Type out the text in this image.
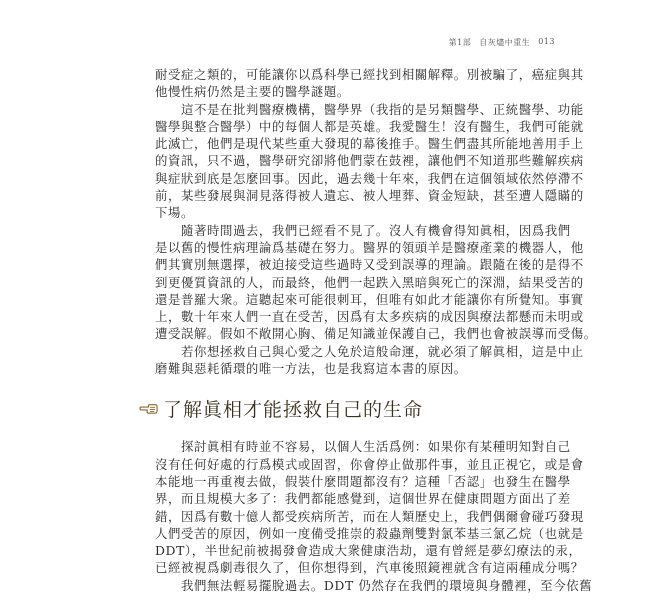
第1部 自灰燼中重生 013
耐受症之類的，可能讓你以爲科學已經找到相關解釋。別被騙了，癌症與其
他慢性病仍然是主要的醫學謎題。
　　這不是在批判醫療機構，醫學界（我指的是另類醫學、正統醫學、功能
醫學與整合醫學）中的每個人都是英雄。我愛醫生！沒有醫生，我們可能就
此滅亡，他們是現代某些重大發現的幕後推手。醫生們盡其所能地善用手上
的資訊，只不過，醫學研究卻將他們蒙在鼓裡，讓他們不知道那些難解疾病
與症狀到底是怎麼回事。因此，過去幾十年來，我們在這個領域依然停滯不
前，某些發展與洞見落得被人遺忘、被人埋葬、資金短缺，甚至遭人隱瞞的
下場。
　　隨著時間過去，我們已經看不見了。沒人有機會得知眞相，因爲我們
是以舊的慢性病理論爲基礎在努力。醫界的領頭羊是醫療產業的機器人，他
們其實別無選擇，被迫接受這些過時又受到誤導的理論。跟隨在後的是得不
到更優質資訊的人，而最終，他們一起跌入黑暗與死亡的深淵，結果受苦的
還是普羅大衆。這聽起來可能很刺耳，但唯有如此才能讓你有所覺知。事實
上，數十年來人們一直在受苦，因爲有太多疾病的成因與療法都懸而未明或
遭受誤解。假如不敞開心胸、備足知識並保護自己，我們也會被誤導而受傷。
　　若你想拯救自己與心愛之人免於這般命運，就必須了解眞相，這是中止
磨難與惡耗循環的唯一方法，也是我寫這本書的原因。
了解眞相才能拯救自己的生命
　　探討眞相有時並不容易，以個人生活爲例：如果你有某種明知對自己
沒有任何好處的行爲模式或固習，你會停止做那件事，並且正視它，或是會
本能地一再重複去做，假裝什麼問題都沒有？這種「否認」也發生在醫學
界，而且規模大多了：我們都能感覺到，這個世界在健康問題方面出了差
錯，因爲有數十億人都受疾病所苦，而在人類歷史上，我們偶爾會碰巧發現
人們受苦的原因，例如一度備受推崇的殺蟲劑雙對氯苯基三氯乙烷（也就是
DDT），半世紀前被揭發會造成大衆健康浩劫，還有曾經是夢幻療法的汞，
已經被視爲劇毒很久了，但你想得到，汽車後照鏡裡就含有這兩種成分嗎？
　　我們無法輕易擺脫過去。DDT 仍然存在我們的環境與身體裡，至今依舊
